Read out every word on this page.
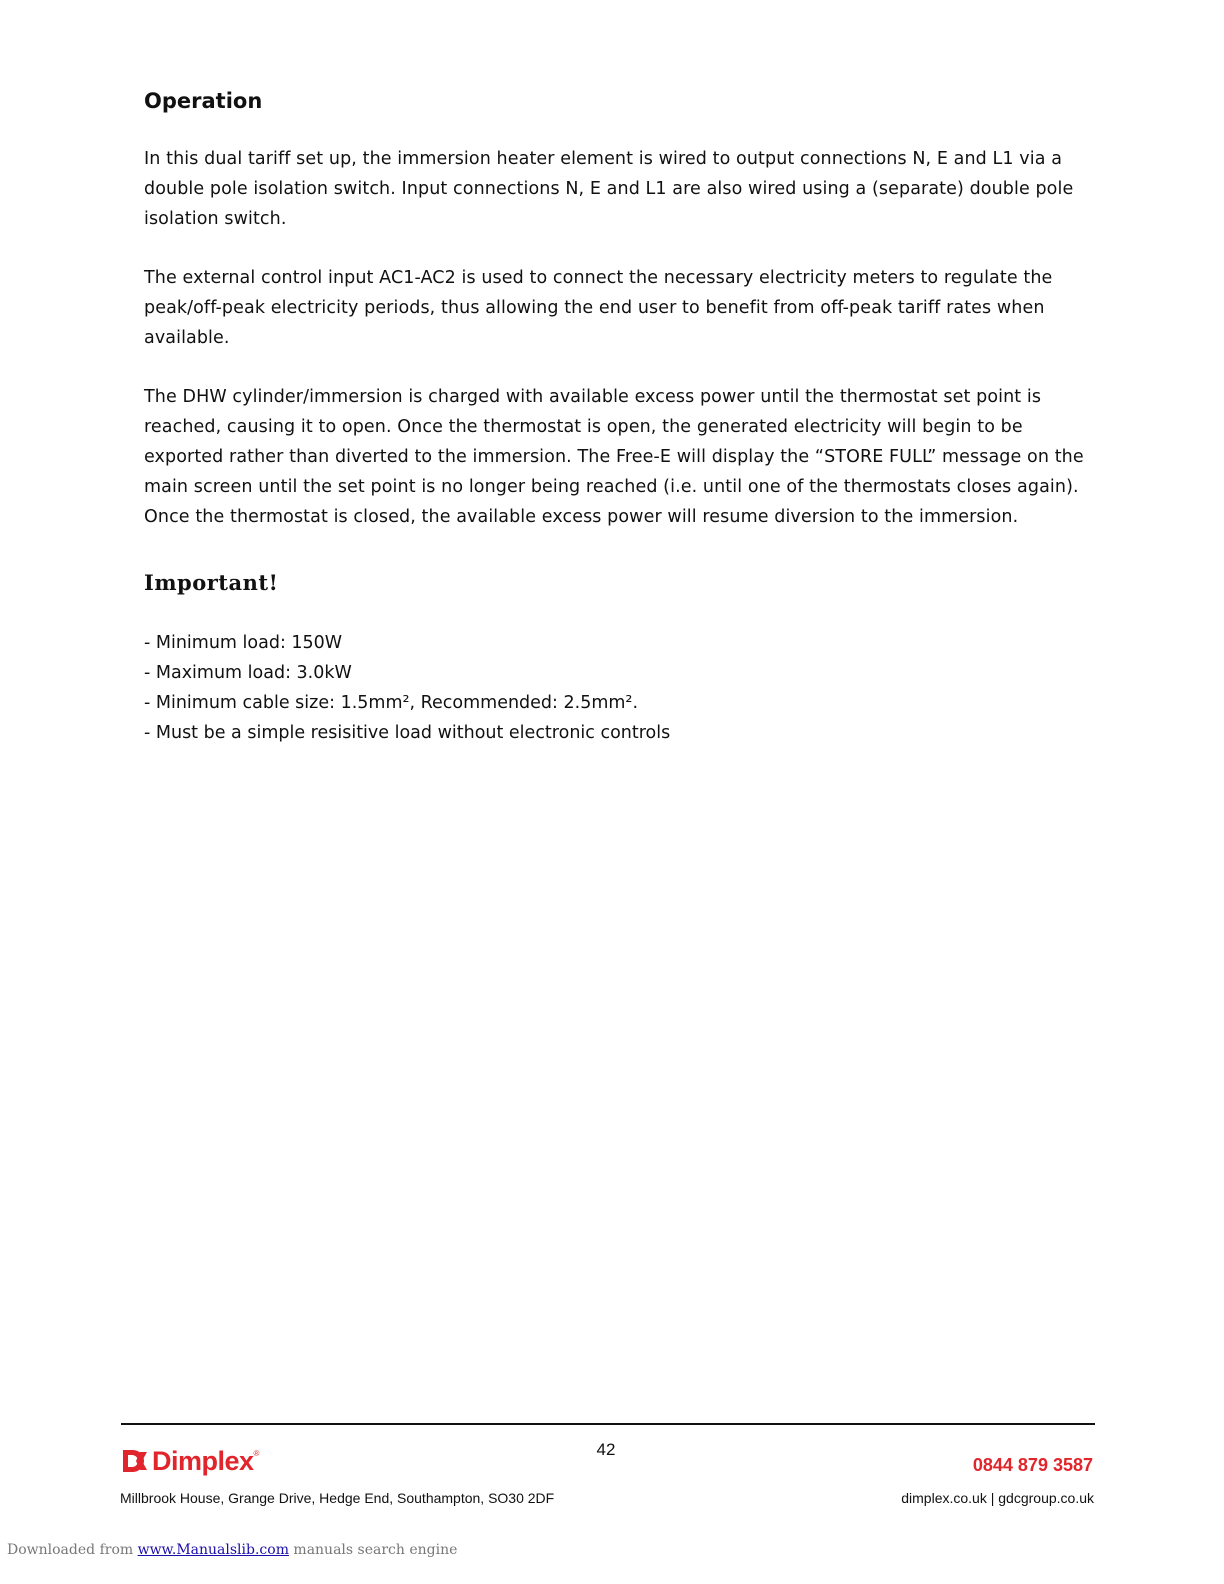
Operation

In this dual tariff set up, the immersion heater element is wired to output connections N, E and L1 via a double pole isolation switch. Input connections N, E and L1 are also wired using a (separate) double pole isolation switch.

The external control input AC1-AC2 is used to connect the necessary electricity meters to regulate the peak/off-peak electricity periods, thus allowing the end user to benefit from off-peak tariff rates when available.

The DHW cylinder/immersion is charged with available excess power until the thermostat set point is reached, causing it to open. Once the thermostat is open, the generated electricity will begin to be exported rather than diverted to the immersion. The Free-E will display the “STORE FULL” message on the main screen until the set point is no longer being reached (i.e. until one of the thermostats closes again). Once the thermostat is closed, the available excess power will resume diversion to the immersion.

Important!
- Minimum load: 150W
- Maximum load: 3.0kW
- Minimum cable size: 1.5mm², Recommended: 2.5mm².
- Must be a simple resisitive load without electronic controls
42
Dimplex ®
0844 879 3587
Millbrook House, Grange Drive, Hedge End, Southampton, SO30 2DF	dimplex.co.uk | gdcgroup.co.uk
Downloaded from www.Manualslib.com manuals search engine
